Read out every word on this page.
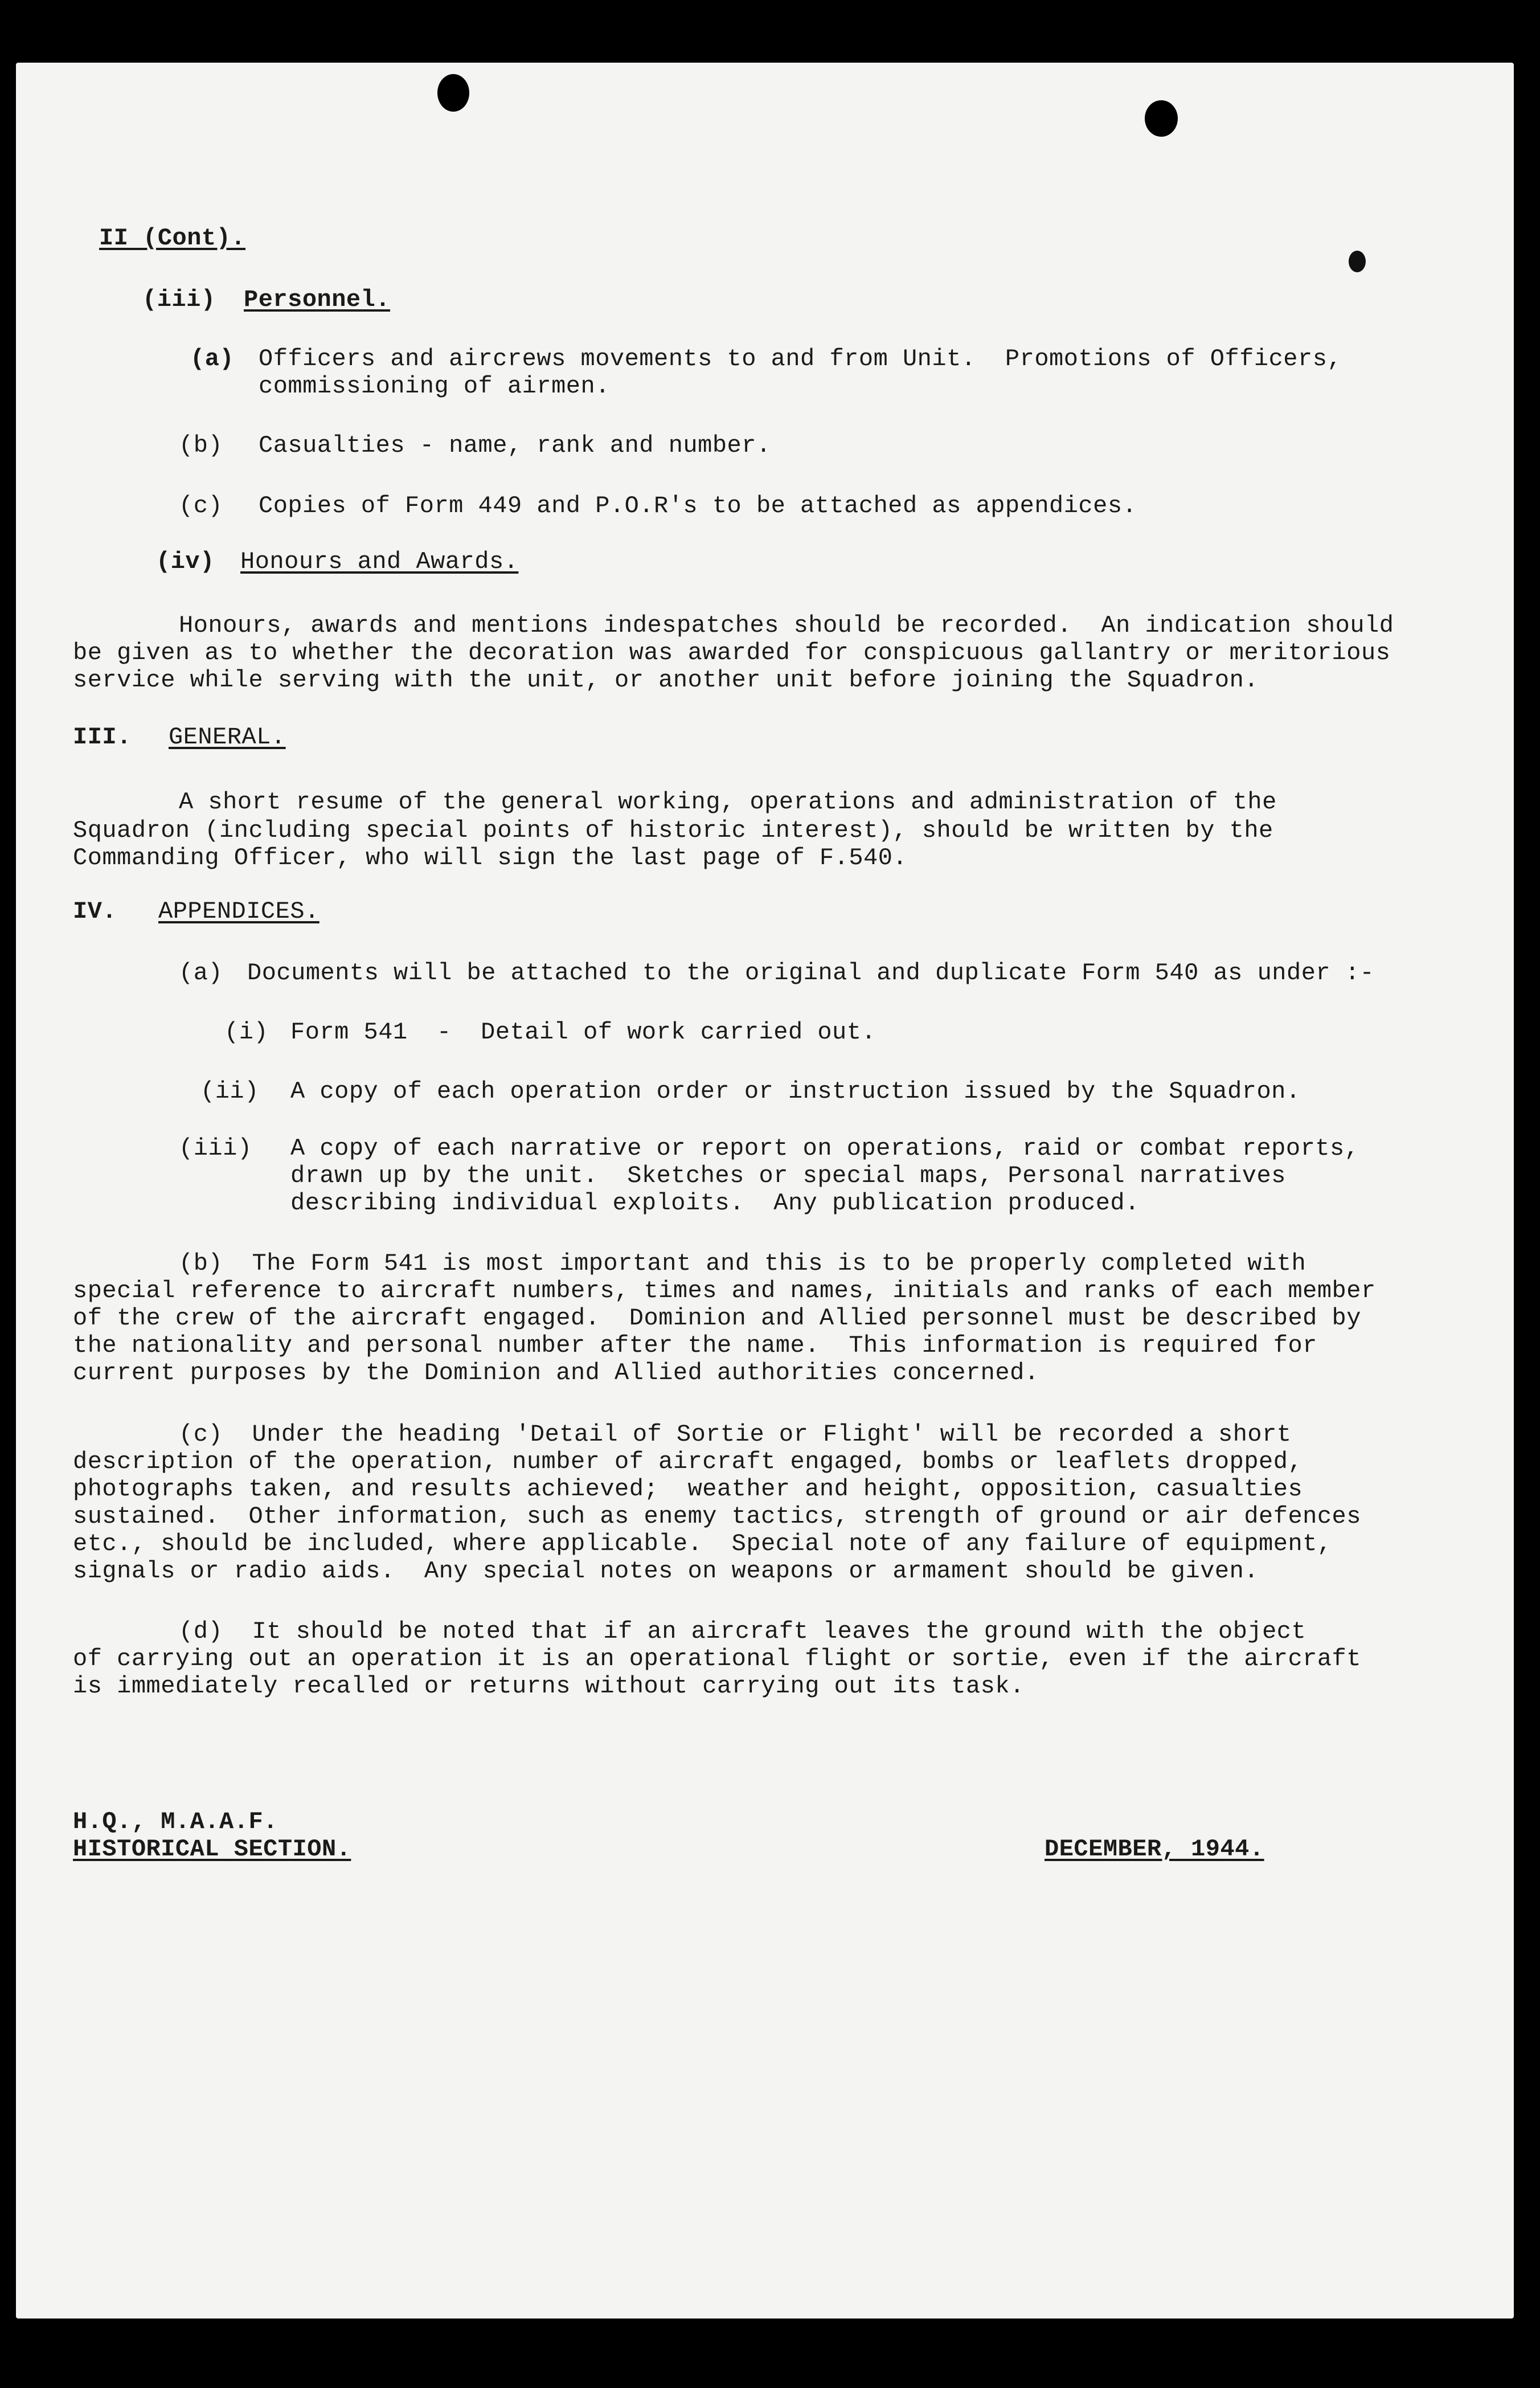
II (Cont).
(iii) Personnel.
(a) Officers and aircrews movements to and from Unit.  Promotions of Officers,
commissioning of airmen.
(b) Casualties - name, rank and number.
(c) Copies of Form 449 and P.O.R's to be attached as appendices.
(iv) Honours and Awards.
Honours, awards and mentions indespatches should be recorded.  An indication should
be given as to whether the decoration was awarded for conspicuous gallantry or meritorious
service while serving with the unit, or another unit before joining the Squadron.
III. GENERAL.
A short resume of the general working, operations and administration of the
Squadron (including special points of historic interest), should be written by the
Commanding Officer, who will sign the last page of F.540.
IV. APPENDICES.
(a) Documents will be attached to the original and duplicate Form 540 as under :-
(i) Form 541  -  Detail of work carried out.
(ii) A copy of each operation order or instruction issued by the Squadron.
(iii) A copy of each narrative or report on operations, raid or combat reports,
drawn up by the unit.  Sketches or special maps, Personal narratives
describing individual exploits.  Any publication produced.
(b)  The Form 541 is most important and this is to be properly completed with
special reference to aircraft numbers, times and names, initials and ranks of each member
of the crew of the aircraft engaged.  Dominion and Allied personnel must be described by
the nationality and personal number after the name.  This information is required for
current purposes by the Dominion and Allied authorities concerned.
(c)  Under the heading 'Detail of Sortie or Flight' will be recorded a short
description of the operation, number of aircraft engaged, bombs or leaflets dropped,
photographs taken, and results achieved;  weather and height, opposition, casualties
sustained.  Other information, such as enemy tactics, strength of ground or air defences
etc., should be included, where applicable.  Special note of any failure of equipment,
signals or radio aids.  Any special notes on weapons or armament should be given.
(d)  It should be noted that if an aircraft leaves the ground with the object
of carrying out an operation it is an operational flight or sortie, even if the aircraft
is immediately recalled or returns without carrying out its task.
H.Q., M.A.A.F.
HISTORICAL SECTION.	DECEMBER, 1944.
